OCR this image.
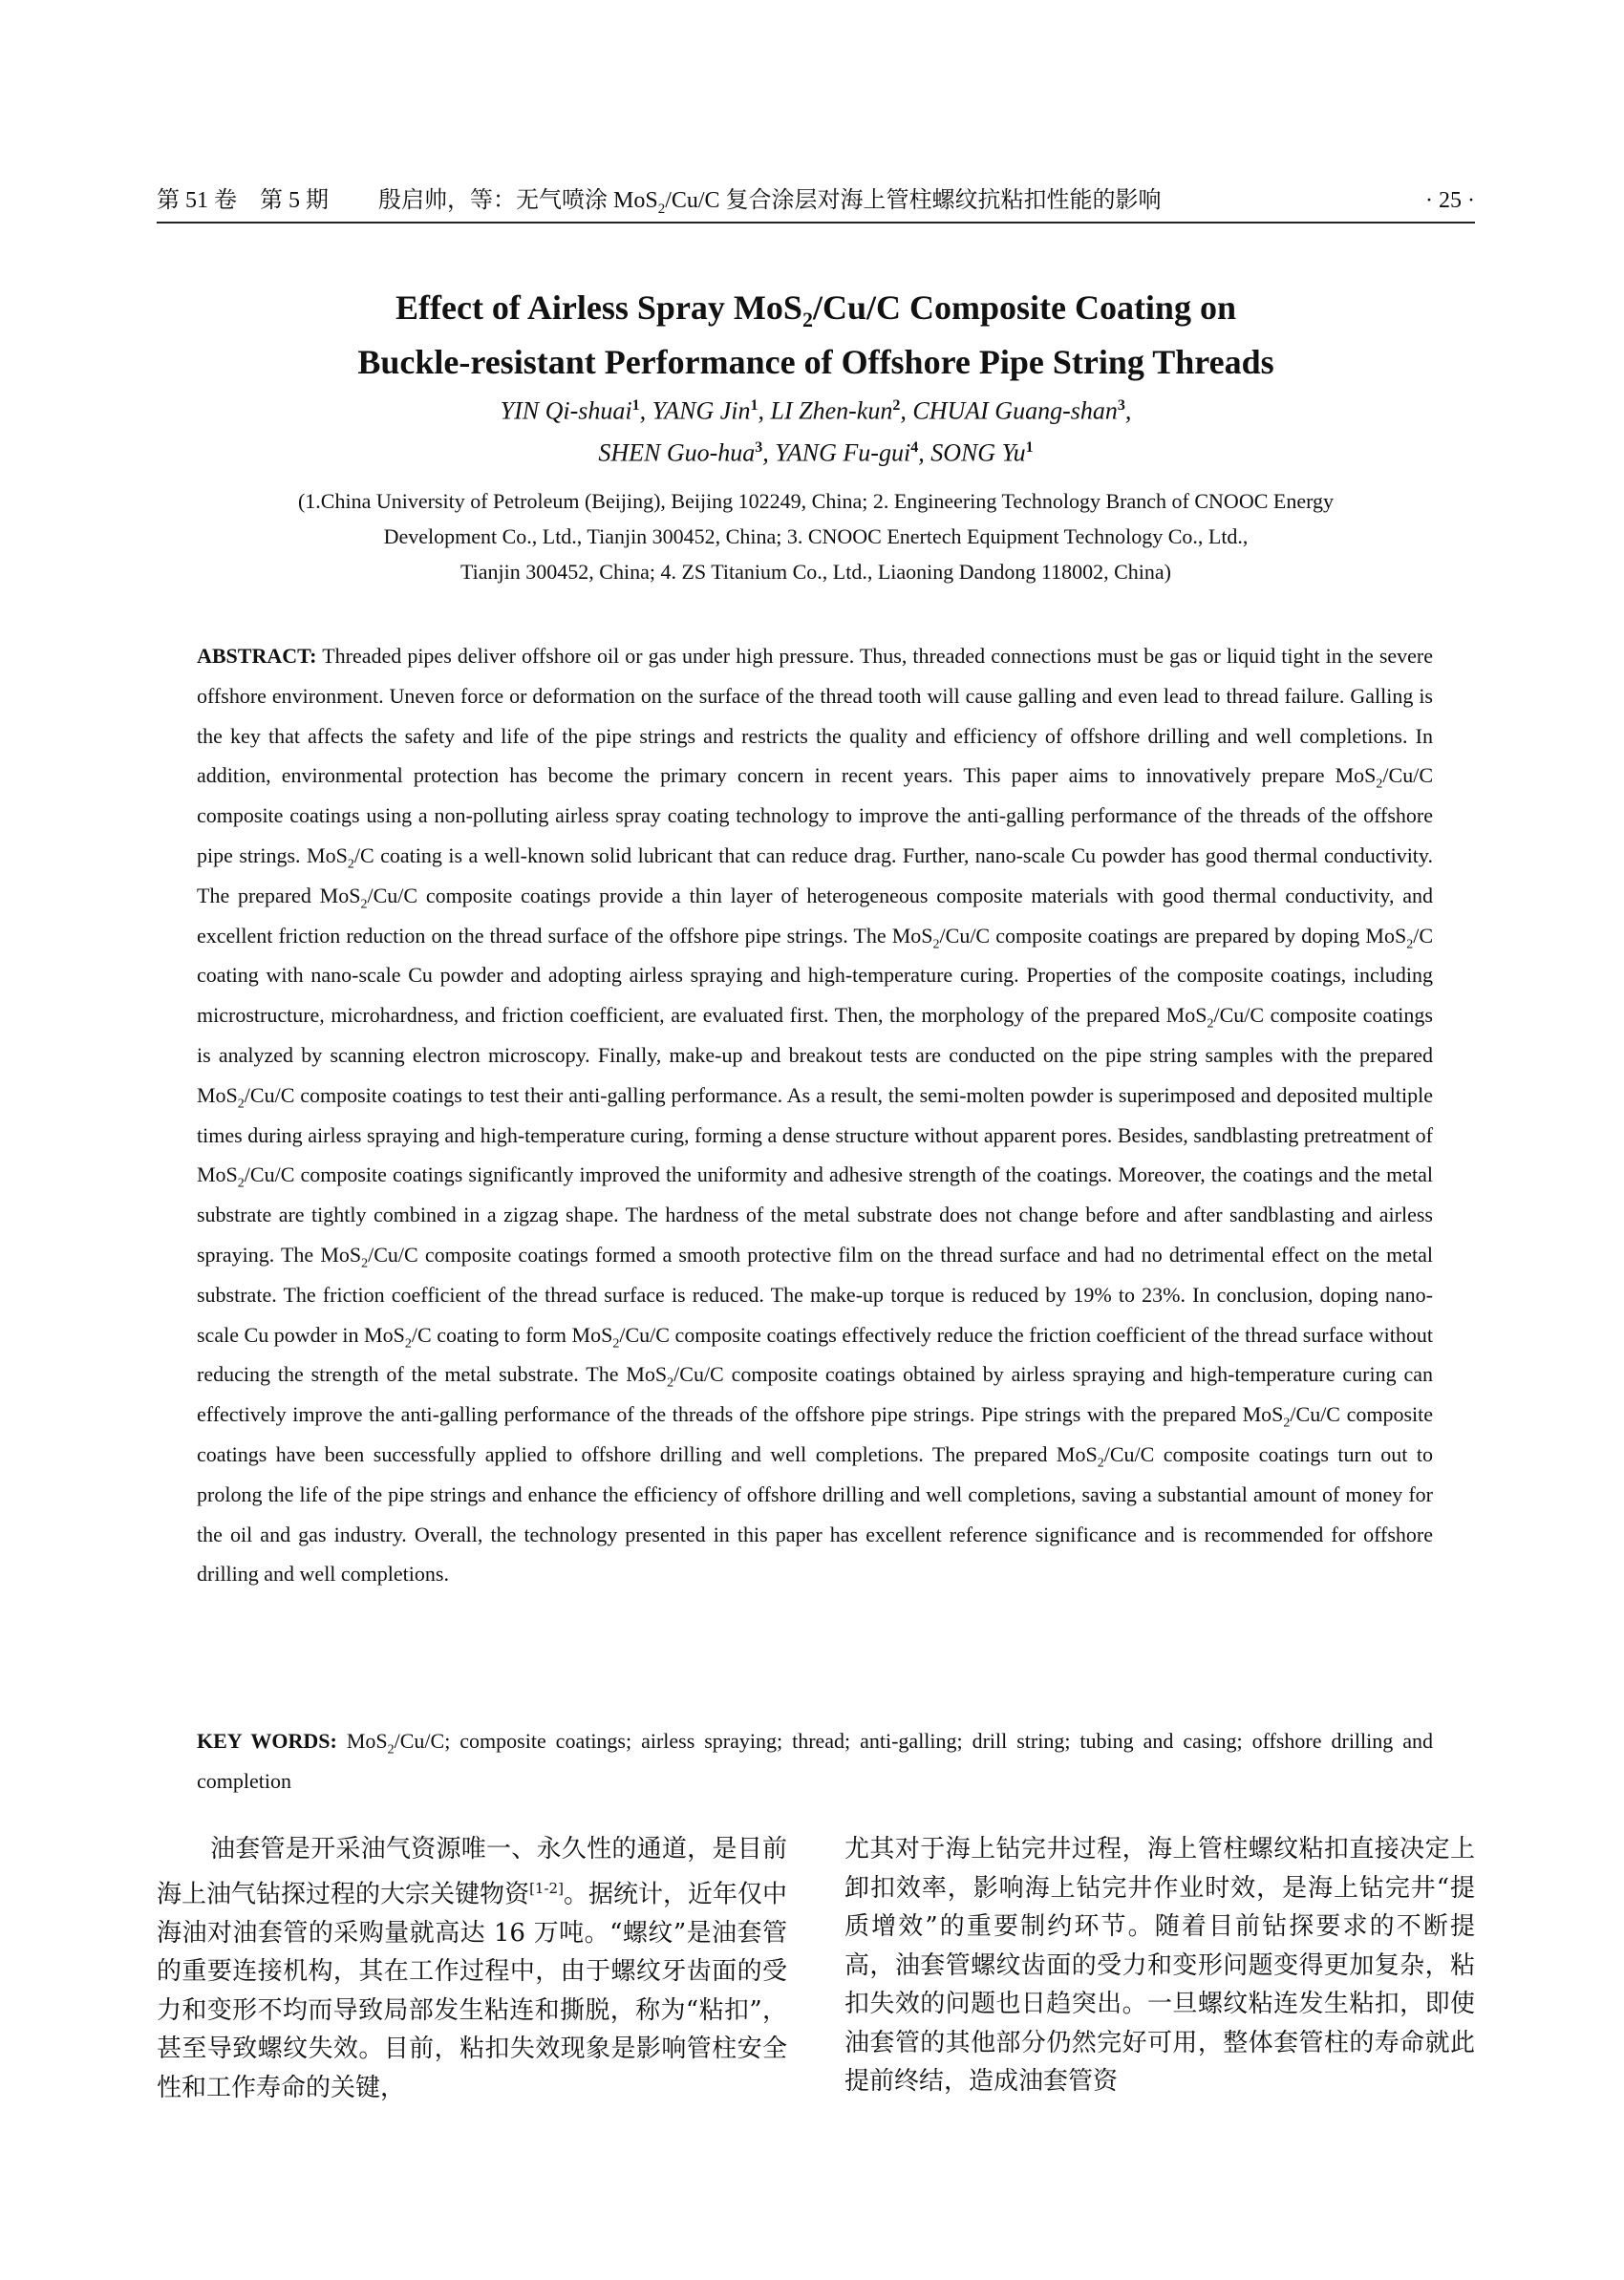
第 51 卷　第 5 期 殷启帅，等：无气喷涂 MoS$_2$/Cu/C 复合涂层对海上管柱螺纹抗粘扣性能的影响	· 25 ·
Effect of Airless Spray MoS$_2$/Cu/C Composite Coating on
Buckle-resistant Performance of Offshore Pipe String Threads
YIN Qi-shuai$^1$, YANG Jin$^1$, LI Zhen-kun$^2$, CHUAI Guang-shan$^3$,
SHEN Guo-hua$^3$, YANG Fu-gui$^4$, SONG Yu$^1$
(1.China University of Petroleum (Beijing), Beijing 102249, China; 2. Engineering Technology Branch of CNOOC Energy
Development Co., Ltd., Tianjin 300452, China; 3. CNOOC Enertech Equipment Technology Co., Ltd.,
Tianjin 300452, China; 4. ZS Titanium Co., Ltd., Liaoning Dandong 118002, China)
ABSTRACT: Threaded pipes deliver offshore oil or gas under high pressure. Thus, threaded connections must be gas or liquid tight in the severe offshore environment. Uneven force or deformation on the surface of the thread tooth will cause galling and even lead to thread failure. Galling is the key that affects the safety and life of the pipe strings and restricts the quality and efficiency of offshore drilling and well completions. In addition, environmental protection has become the primary concern in recent years. This paper aims to innovatively prepare MoS$_2$/Cu/C composite coatings using a non-polluting airless spray coating technology to improve the anti-galling performance of the threads of the offshore pipe strings. MoS$_2$/C coating is a well-known solid lubricant that can reduce drag. Further, nano-scale Cu powder has good thermal conductivity. The prepared MoS$_2$/Cu/C composite coatings provide a thin layer of heterogeneous composite materials with good thermal conductivity, and excellent friction reduction on the thread surface of the offshore pipe strings. The MoS$_2$/Cu/C composite coatings are prepared by doping MoS$_2$/C coating with nano-scale Cu powder and adopting airless spraying and high-temperature curing. Properties of the composite coatings, including microstructure, microhardness, and friction coefficient, are evaluated first. Then, the morphology of the prepared MoS$_2$/Cu/C composite coatings is analyzed by scanning electron microscopy. Finally, make-up and breakout tests are conducted on the pipe string samples with the prepared MoS$_2$/Cu/C composite coatings to test their anti-galling performance. As a result, the semi-molten powder is superimposed and deposited multiple times during airless spraying and high-temperature curing, forming a dense structure without apparent pores. Besides, sandblasting pretreatment of MoS$_2$/Cu/C composite coatings significantly improved the uniformity and adhesive strength of the coatings. Moreover, the coatings and the metal substrate are tightly combined in a zigzag shape. The hardness of the metal substrate does not change before and after sandblasting and airless spraying. The MoS$_2$/Cu/C composite coatings formed a smooth protective film on the thread surface and had no detrimental effect on the metal substrate. The friction coefficient of the thread surface is reduced. The make-up torque is reduced by 19% to 23%. In conclusion, doping nano-scale Cu powder in MoS$_2$/C coating to form MoS$_2$/Cu/C composite coatings effectively reduce the friction coefficient of the thread surface without reducing the strength of the metal substrate. The MoS$_2$/Cu/C composite coatings obtained by airless spraying and high-temperature curing can effectively improve the anti-galling performance of the threads of the offshore pipe strings. Pipe strings with the prepared MoS$_2$/Cu/C composite coatings have been successfully applied to offshore drilling and well completions. The prepared MoS$_2$/Cu/C composite coatings turn out to prolong the life of the pipe strings and enhance the efficiency of offshore drilling and well completions, saving a substantial amount of money for the oil and gas industry. Overall, the technology presented in this paper has excellent reference significance and is recommended for offshore drilling and well completions.
KEY WORDS: MoS$_2$/Cu/C; composite coatings; airless spraying; thread; anti-galling; drill string; tubing and casing; offshore drilling and completion
油套管是开采油气资源唯一、永久性的通道，是目前海上油气钻探过程的大宗关键物资[1-2]。据统计，近年仅中海油对油套管的采购量就高达 16 万吨。“螺纹”是油套管的重要连接机构，其在工作过程中，由于螺纹牙齿面的受力和变形不均而导致局部发生粘连和撕脱，称为“粘扣”，甚至导致螺纹失效。目前，粘扣失效现象是影响管柱安全性和工作寿命的关键，
尤其对于海上钻完井过程，海上管柱螺纹粘扣直接决定上卸扣效率，影响海上钻完井作业时效，是海上钻完井“提质增效”的重要制约环节。随着目前钻探要求的不断提高，油套管螺纹齿面的受力和变形问题变得更加复杂，粘扣失效的问题也日趋突出。一旦螺纹粘连发生粘扣，即使油套管的其他部分仍然完好可用，整体套管柱的寿命就此提前终结，造成油套管资
